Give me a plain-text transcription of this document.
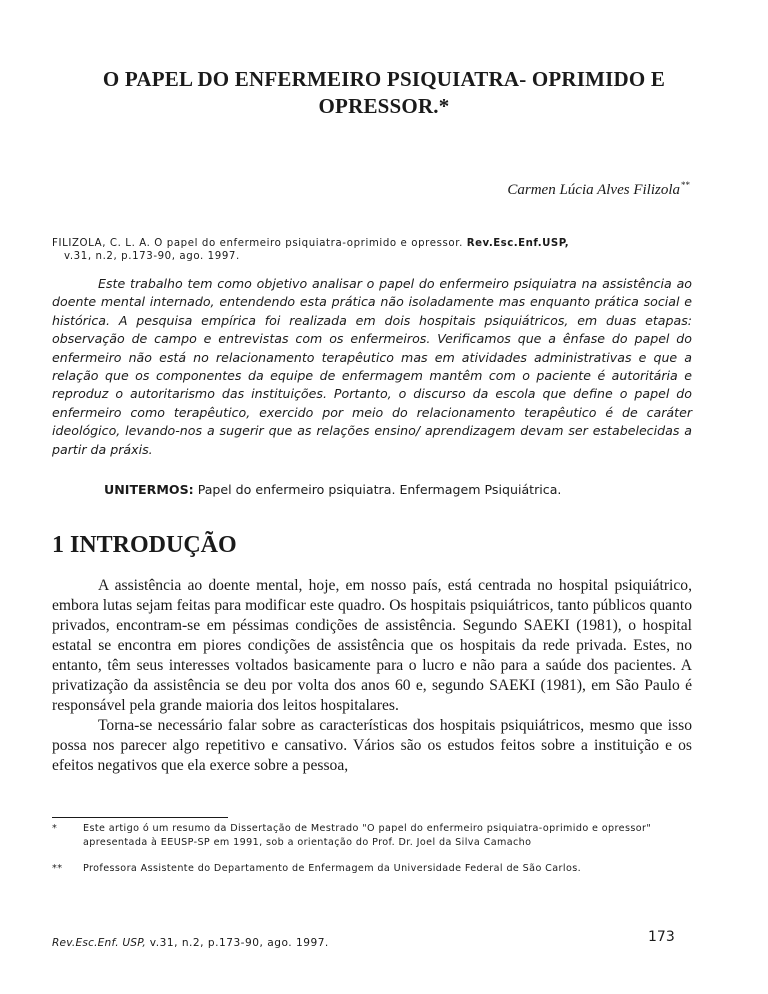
O PAPEL DO ENFERMEIRO PSIQUIATRA- OPRIMIDO E OPRESSOR.*
Carmen Lúcia Alves Filizola**
FILIZOLA, C. L. A. O papel do enfermeiro psiquiatra-oprimido e opressor. Rev.Esc.Enf.USP,
v.31, n.2, p.173-90, ago. 1997.
Este trabalho tem como objetivo analisar o papel do enfermeiro psiquiatra na assistência ao doente mental internado, entendendo esta prática não isoladamente mas enquanto prática social e histórica. A pesquisa empírica foi realizada em dois hospitais psiquiátricos, em duas etapas: observação de campo e entrevistas com os enfermeiros. Verificamos que a ênfase do papel do enfermeiro não está no relacionamento terapêutico mas em atividades administrativas e que a relação que os componentes da equipe de enfermagem mantêm com o paciente é autoritária e reproduz o autoritarismo das instituições. Portanto, o discurso da escola que define o papel do enfermeiro como terapêutico, exercido por meio do relacionamento terapêutico é de caráter ideológico, levando-nos a sugerir que as relações ensino/ aprendizagem devam ser estabelecidas a partir da práxis.
UNITERMOS: Papel do enfermeiro psiquiatra. Enfermagem Psiquiátrica.
1 INTRODUÇÃO

A assistência ao doente mental, hoje, em nosso país, está centrada no hospital psiquiátrico, embora lutas sejam feitas para modificar este quadro. Os hospitais psiquiátricos, tanto públicos quanto privados, encontram-se em péssimas condições de assistência. Segundo SAEKI (1981), o hospital estatal se encontra em piores condições de assistência que os hospitais da rede privada. Estes, no entanto, têm seus interesses voltados basicamente para o lucro e não para a saúde dos pacientes. A privatização da assistência se deu por volta dos anos 60 e, segundo SAEKI (1981), em São Paulo é responsável pela grande maioria dos leitos hospitalares.

Torna-se necessário falar sobre as características dos hospitais psiquiátricos, mesmo que isso possa nos parecer algo repetitivo e cansativo. Vários são os estudos feitos sobre a instituição e os efeitos negativos que ela exerce sobre a pessoa,

*	Este artigo ó um resumo da Dissertação de Mestrado "O papel do enfermeiro psiquiatra-oprimido e opressor" apresentada à EEUSP-SP em 1991, sob a orientação do Prof. Dr. Joel da Silva Camacho
**	Professora Assistente do Departamento de Enfermagem da Universidade Federal de São Carlos.
Rev.Esc.Enf. USP, v.31, n.2, p.173-90, ago. 1997.	173
